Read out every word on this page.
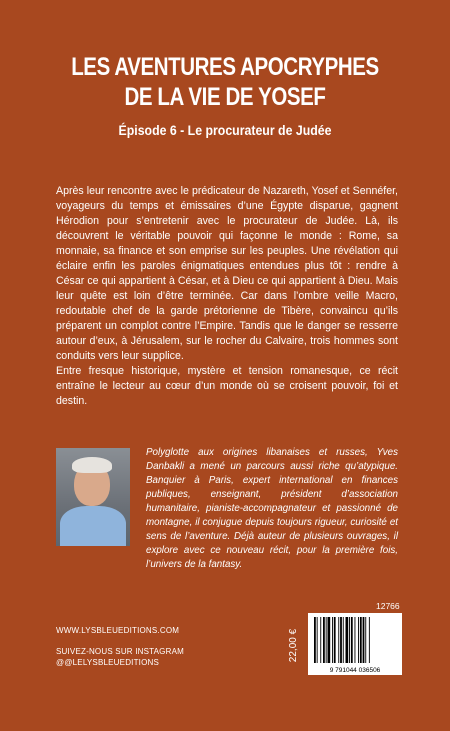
LES AVENTURES APOCRYPHES
DE LA VIE DE YOSEF
Épisode 6 - Le procurateur de Judée

Après leur rencontre avec le prédicateur de Nazareth, Yosef et Sennéfer, voyageurs du temps et émissaires d’une Égypte disparue, gagnent Hérodion pour s’entretenir avec le procurateur de Judée. Là, ils découvrent le véritable pouvoir qui façonne le monde : Rome, sa monnaie, sa finance et son emprise sur les peuples. Une révélation qui éclaire enfin les paroles énigmatiques entendues plus tôt : rendre à César ce qui appartient à César, et à Dieu ce qui appartient à Dieu. Mais leur quête est loin d’être terminée. Car dans l’ombre veille Macro, redoutable chef de la garde prétorienne de Tibère, convaincu qu’ils préparent un complot contre l’Empire. Tandis que le danger se resserre autour d’eux, à Jérusalem, sur le rocher du Calvaire, trois hommes sont conduits vers leur supplice.

Entre fresque historique, mystère et tension romanesque, ce récit entraîne le lecteur au cœur d’un monde où se croisent pouvoir, foi et destin.

Polyglotte aux origines libanaises et russes, Yves Danbakli a mené un parcours aussi riche qu’atypique. Banquier à Paris, expert international en finances publiques, enseignant, président d’association humanitaire, pianiste-accompagnateur et passionné de montagne, il conjugue depuis toujours rigueur, curiosité et sens de l’aventure. Déjà auteur de plusieurs ouvrages, il explore avec ce nouveau récit, pour la première fois, l’univers de la fantasy.

12766
22,00 €
9 791044 036506
WWW.LYSBLEUEDITIONS.COM
SUIVEZ-NOUS SUR INSTAGRAM
@@LELYSBLEUEDITIONS
